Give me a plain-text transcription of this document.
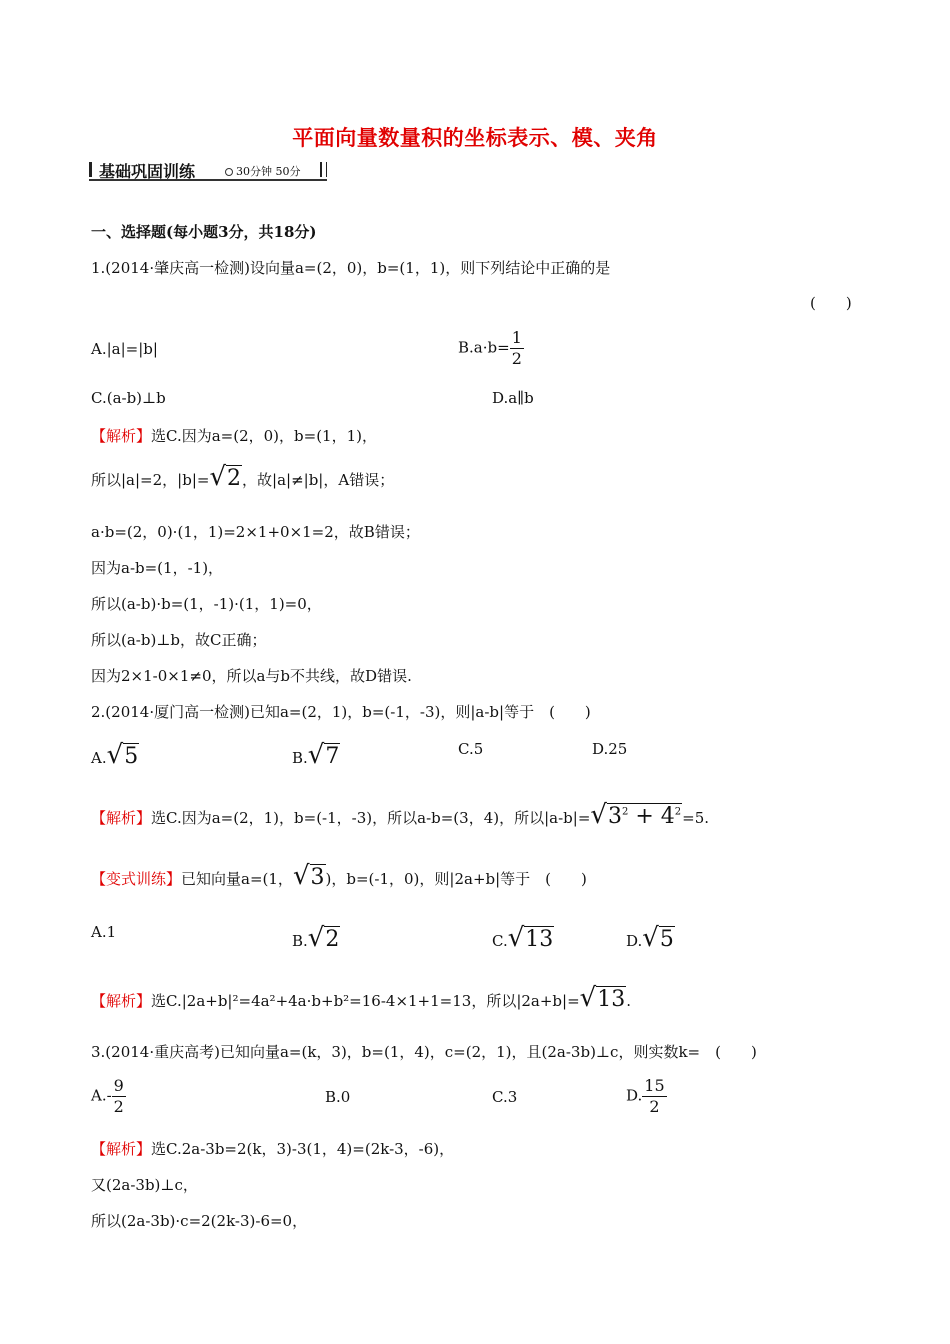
平面向量数量积的坐标表示、模、夹角
基础巩固训练	30分钟 50分
一、选择题(每小题3分，共18分)
1.(2014·肇庆高一检测)设向量a=(2，0)，b=(1，1)，则下列结论中正确的是
(　　)
A.|a|=|b|	$B.a\cdot b= \frac{1}{2}$
C.(a-b)⊥b	D.a∥b
【解析】选C.因为a=(2，0)，b=(1，1)，
所以|a|=2，|b|=√2，故|a|≠|b|，A错误；
a·b=(2，0)·(1，1)=2×1+0×1=2，故B错误；
因为a-b=(1，-1)，
所以(a-b)·b=(1，-1)·(1，1)=0，
所以(a-b)⊥b，故C正确；
因为2×1-0×1≠0，所以a与b不共线，故D错误.
2.(2014·厦门高一检测)已知a=(2，1)，b=(-1，-3)，则|a-b|等于　(　　)
A.√5	B.√7	C.5	D.25
【解析】选C.因为a=(2，1)，b=(-1，-3)，所以a-b=(3，4)，所以$|a-b|=√3^2 + 4^2=5$.
【变式训练】已知向量a=(1，√3)，b=(-1，0)，则|2a+b|等于　(　　)
A.1	B.√2	C.√13	D.√5
【解析】选C.|2a+b|²=4a²+4a·b+b²=16-4×1+1=13，所以|2a+b|=√13.
3.(2014·重庆高考)已知向量a=(k，3)，b=(1，4)，c=(2，1)，且(2a-3b)⊥c，则实数k=　(　　)
$A.- \frac{9}{2}$	B.0	C.3	D. $\frac{15}{2}$
【解析】选C.2a-3b=2(k，3)-3(1，4)=(2k-3，-6)，
又(2a-3b)⊥c，
所以(2a-3b)·c=2(2k-3)-6=0，
